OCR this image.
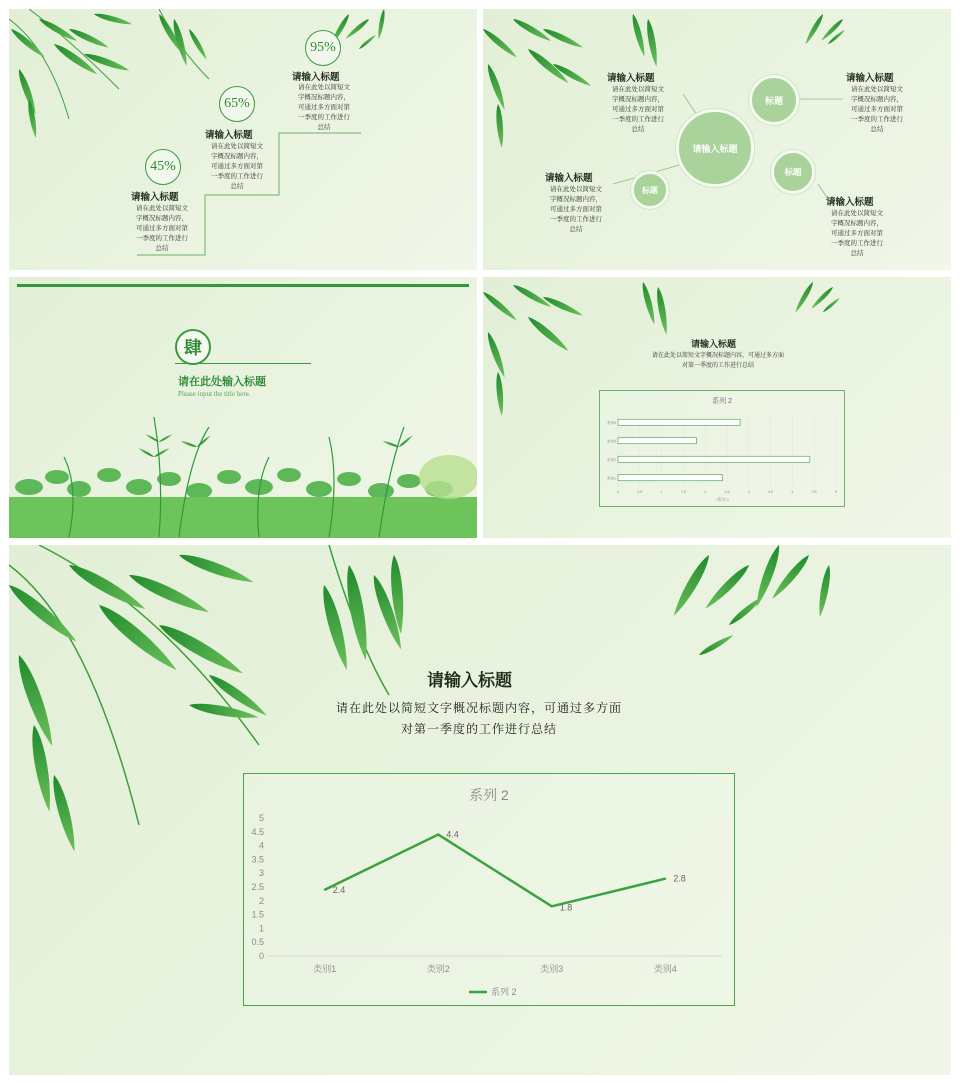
95%
请输入标题
请在此处以简短文
字概况标题内容，
可通过多方面对第
一季度的工作进行
总结
65%
请输入标题
请在此处以简短文
字概况标题内容，
可通过多方面对第
一季度的工作进行
总结
45%
请输入标题
请在此处以简短文
字概况标题内容，
可通过多方面对第
一季度的工作进行
总结
请输入标题
标题
标题
标题
请输入标题
请在此处以简短文
字概况标题内容，
可通过多方面对第
一季度的工作进行
总结
请输入标题
请在此处以简短文
字概况标题内容，
可通过多方面对第
一季度的工作进行
总结
请输入标题
请在此处以简短文
字概况标题内容，
可通过多方面对第
一季度的工作进行
总结
请输入标题
请在此处以简短文
字概况标题内容，
可通过多方面对第
一季度的工作进行
总结
肆
请在此处输入标题
Please input the title here.
请输入标题
请在此处以简短文字概况标题内容，可通过多方面
对第一季度的工作进行总结
系列 2
0	0.5	1	1.5	2	2.5	3	3.5	4	4.5	5
类别1
类别2
类别3
类别4
□系列 2
请输入标题
请在此处以简短文字概况标题内容，可通过多方面
对第一季度的工作进行总结
系列 2
0
0.5
1
1.5
2
2.5
3
3.5
4
4.5
5
类别1	类别2	类别3	类别4
2.4
4.4
1.8
2.8
系列 2
